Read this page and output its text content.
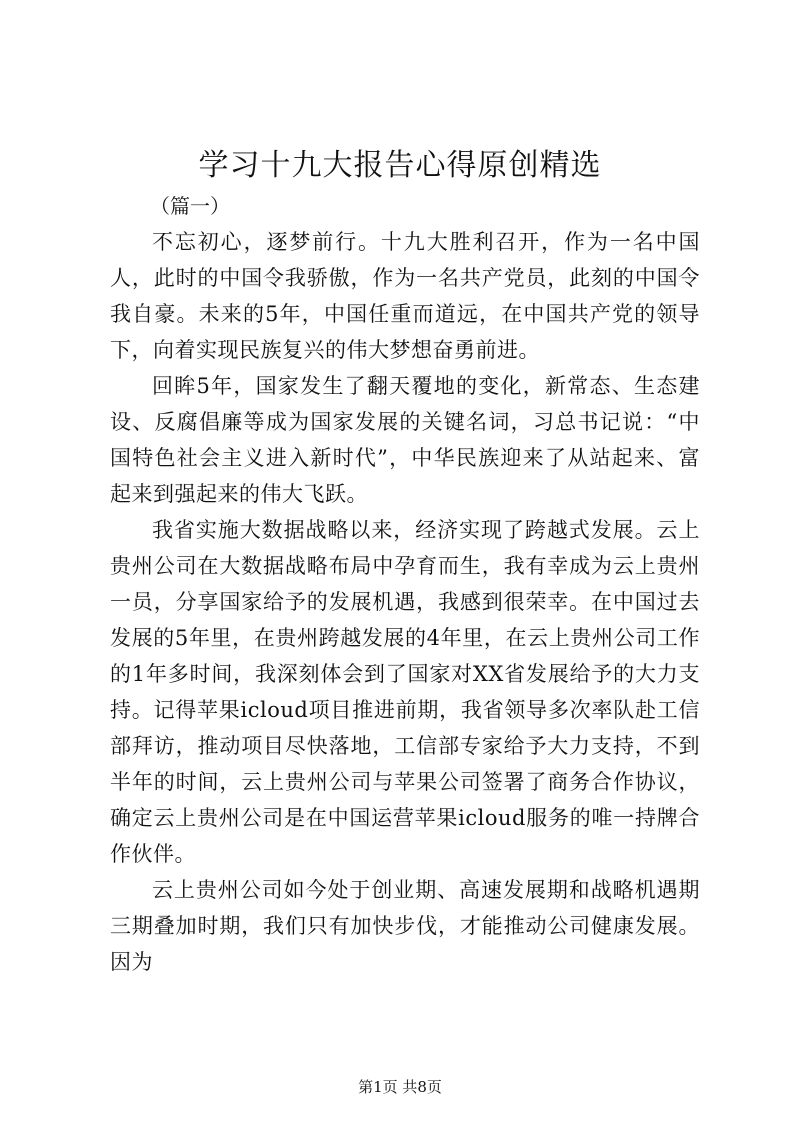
学习十九大报告心得原创精选

（篇一）

不忘初心，逐梦前行。十九大胜利召开，作为一名中国人，此时的中国令我骄傲，作为一名共产党员，此刻的中国令我自豪。未来的5年，中国任重而道远，在中国共产党的领导下，向着实现民族复兴的伟大梦想奋勇前进。

回眸5年，国家发生了翻天覆地的变化，新常态、生态建设、反腐倡廉等成为国家发展的关键名词，习总书记说：“中国特色社会主义进入新时代”，中华民族迎来了从站起来、富起来到强起来的伟大飞跃。

我省实施大数据战略以来，经济实现了跨越式发展。云上贵州公司在大数据战略布局中孕育而生，我有幸成为云上贵州一员，分享国家给予的发展机遇，我感到很荣幸。在中国过去发展的5年里，在贵州跨越发展的4年里，在云上贵州公司工作的1年多时间，我深刻体会到了国家对XX省发展给予的大力支持。记得苹果icloud项目推进前期，我省领导多次率队赴工信部拜访，推动项目尽快落地，工信部专家给予大力支持，不到半年的时间，云上贵州公司与苹果公司签署了商务合作协议，确定云上贵州公司是在中国运营苹果icloud服务的唯一持牌合作伙伴。

云上贵州公司如今处于创业期、高速发展期和战略机遇期三期叠加时期，我们只有加快步伐，才能推动公司健康发展。因为

第1页 共8页
